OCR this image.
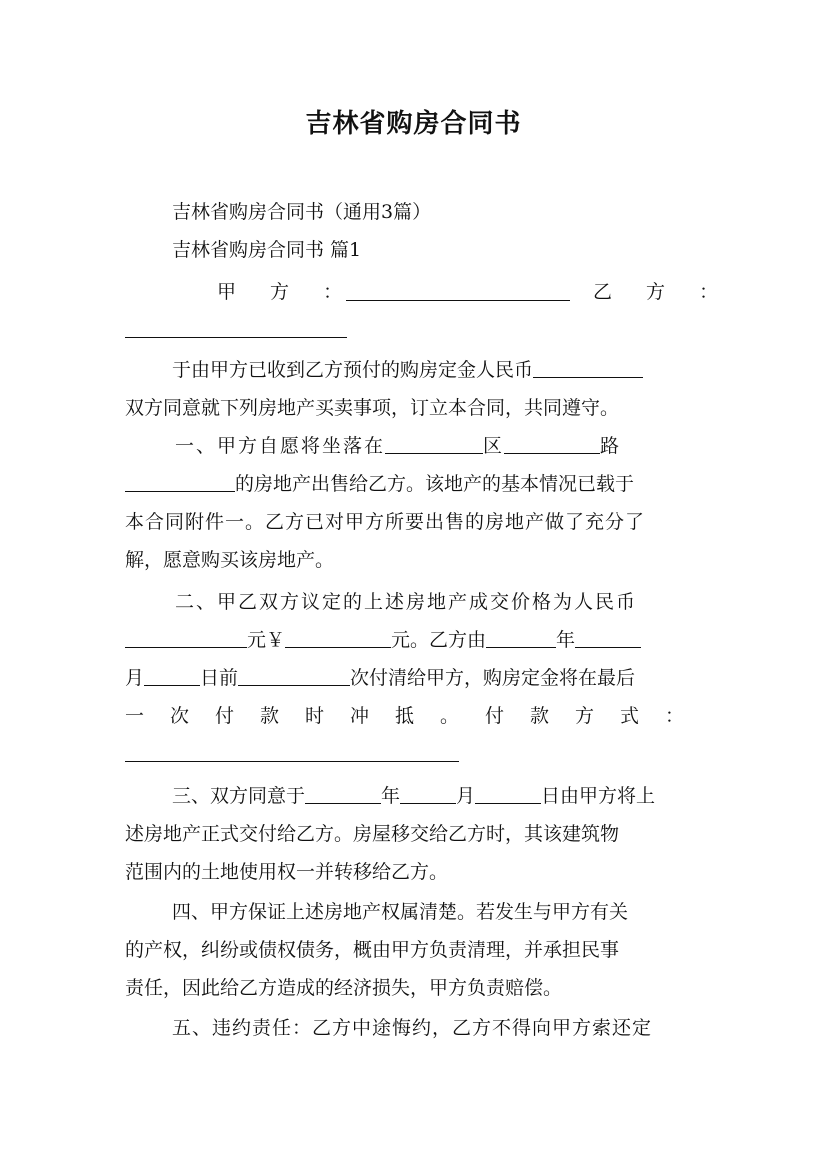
吉林省购房合同书
吉林省购房合同书（通用3篇）
吉林省购房合同书 篇1
甲 方 ：	乙 方 ：
于由甲方已收到乙方预付的购房定金人民币
双方同意就下列房地产买卖事项，订立本合同，共同遵守。
一、甲方自愿将坐落在	区	路
的房地产出售给乙方。该地产的基本情况已载于
本合同附件一。乙方已对甲方所要出售的房地产做了充分了
解，愿意购买该房地产。
二、甲乙双方议定的上述房地产成交价格为人民币
元￥	元。乙方由	年
月	日前	次付清给甲方，购房定金将在最后
一次付款时冲抵。付款方式：
三、双方同意于	年	月	日由甲方将上
述房地产正式交付给乙方。房屋移交给乙方时，其该建筑物
范围内的土地使用权一并转移给乙方。
四、甲方保证上述房地产权属清楚。若发生与甲方有关
的产权，纠纷或债权债务，概由甲方负责清理，并承担民事
责任，因此给乙方造成的经济损失，甲方负责赔偿。
五、违约责任：乙方中途悔约，乙方不得向甲方索还定
